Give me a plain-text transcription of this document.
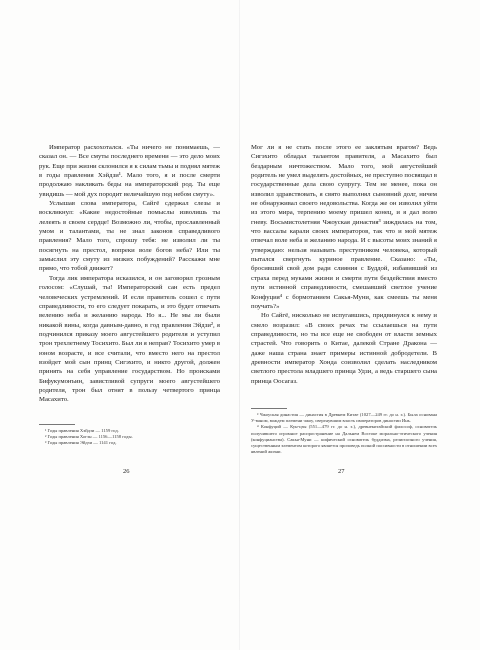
Император расхохотался. «Ты ничего не понимаешь, — сказал он. — Все смуты последнего времени — это дело моих рук. Еще при жизни склонился я к силам тьмы и поднял мятеж в годы правления Хэйдзи¹. Мало того, я и после смерти продолжаю накликать беды на императорский род. Ты еще увидишь — мой дух породит величайшую под небом смуту».

Услышав слова императора, Сайгё сдержал слезы и воскликнул: «Какие недостойные помыслы изволишь ты лелеять в своем сердце! Возможно ли, чтобы, прославленный умом и талантами, ты не знал законов справедливого правления? Мало того, спрошу тебя: не изволил ли ты посягнуть на престол, вопреки воле богов неба? Или ты замыслил эту смуту из низких побуждений? Расскажи мне прямо, что тобой движет?

Тогда лик императора исказился, и он заговорил грозным голосом: «Слушай, ты! Императорский сан есть предел человеческих устремлений. И если правитель сошел с пути справедливости, то его следует покарать, и это будет отвечать велению неба и желанию народа. Но я... Не мы ли были никакой вины, когда давным-давно, в год правления Эйдзи², я подчинился приказу моего августейшего родителя и уступил трон трехлетнему Тосихито. Был ли я неправ? Тосихито умер в юном возрасте, и все считали, что вместо него на престол взойдет мой сын принц Сигэхито, и никто другой, должен принять на себя управление государством. Но происками Бифукумонъин, завистливой супруги моего августейшего родителя, трон был отнят в пользу четвертого принца Масахито.

¹ Годы правления Хэйдзи — 1159 год.

² Годы правления Хогэн — 1156—1158 годы.

³ Годы правления Эйдзи — 1141 год.

26

Мог ли я не стать после этого ее заклятым врагом? Ведь Сигэхито обладал талантом правителя, а Масахито был бездарным ничтожеством. Мало того, мой августейший родитель не умел выделять достойных, не преступно посвящал в государственные дела свою супругу. Тем не менее, пока он изволил здравствовать, я свято выполнял сыновний долг, ничем не обнаруживал своего недовольства. Когда же он изволил уйти из этого мира, терпению моему пришел конец, и я дал волю гневу. Восьмистолетняя Чжоуская династия³ зиждилась на том, что вассалы карали своих императоров, так что и мой мятеж отвечал воле неба и желанию народа. И с высоты моих знаний я утверждаю: нельзя называть преступником человека, который пытался свергнуть куриное правление. Сказано: «Ты, бросивший свой дом ради слияния с Буддой, избавивший из страха перед муками жизни и смерти пути бездействия вместо пути истинной справедливости, смешавший светлое учение Конфуция⁴ с бормотанием Сакья-Муни, как смеешь ты меня поучать?»

Но Сайгё, нисколько не испугавшись, придвинулся к нему и смело возразил: «В своих речах ты ссылаешься на пути справедливости, но ты все еще не свободен от власти земных страстей. Что говорить о Китае, далекой Стране Дракона — даже наша страна знает примеры истинной добродетели. В древности император Хонда соизволил сделать наследником светлого престола младшего принца Удзи, а ведь старшего сына принца Оосагаз.

³ Чжоуская династия — династия в Древнем Китае (1027—249 гг. до н. э.). Была основана У-ваном, вождем племени чжоу, свергнувшим власть императоров династии Инь.

⁴ Конфуций — Кун-цзы (551—479 гг. до н. э.), древнекитайский философ, основатель получившего огромное распространение на Дальнем Востоке морально-этического учения (конфуцианства). Сакья-Муни — кифический основатель буддизма, религиозного учения, существенным элементом которого является проповедь полной пассивности в отношении всех явлений жизни.

27
